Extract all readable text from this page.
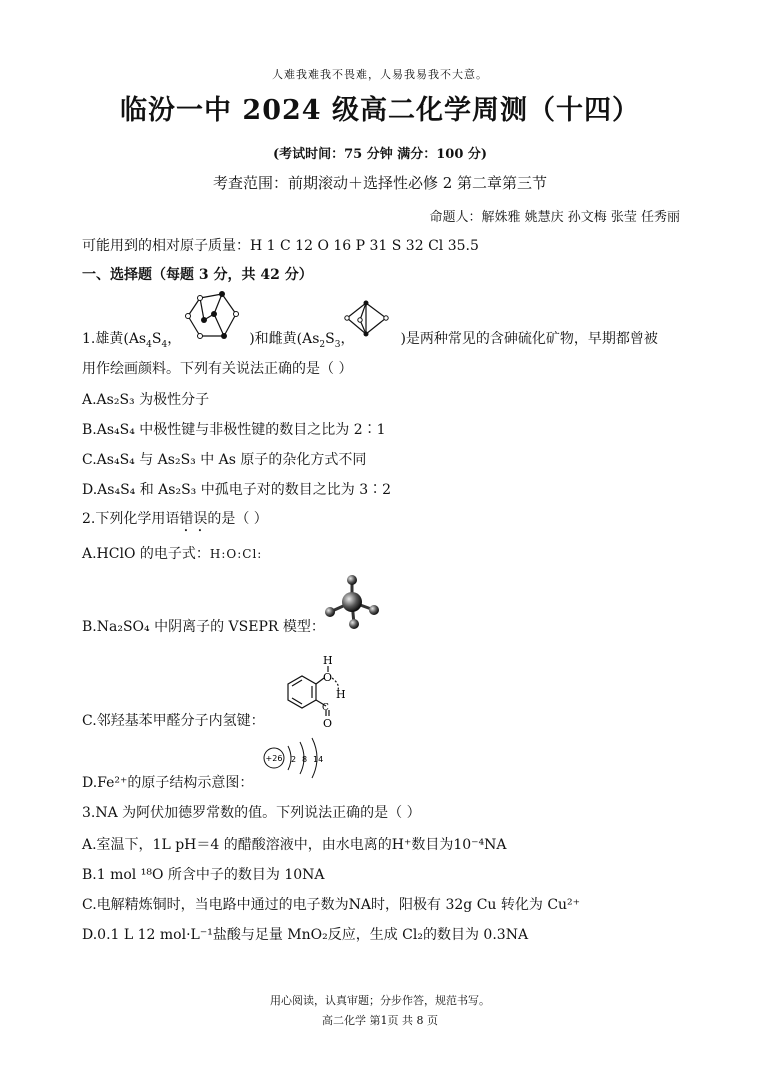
人难我难我不畏难，人易我易我不大意。
临汾一中 2024 级高二化学周测（十四）
(考试时间：75 分钟 满分：100 分)
考查范围：前期滚动＋选择性必修 2 第二章第三节
命题人：解姝雅 姚慧庆 孙文梅 张莹 任秀丽
可能用到的相对原子质量：H 1 C 12 O 16 P 31 S 32 Cl 35.5
一、选择题（每题 3 分，共 42 分）
1.雄黄($As_4S_4$，	)和雌黄($As_2S_3$，	)是两种常见的含砷硫化矿物，早期都曾被
用作绘画颜料。下列有关说法正确的是（ ）
A.As₂S₃ 为极性分子
B.As₄S₄ 中极性键与非极性键的数目之比为 2∶1
C.As₄S₄ 与 As₂S₃ 中 As 原子的杂化方式不同
D.As₄S₄ 和 As₂S₃ 中孤电子对的数目之比为 3∶2
2.下列化学用语错误的是（ ）
A.HClO 的电子式：H:O:Cl:
B.Na₂SO₄ 中阴离子的 VSEPR 模型：
C.邻羟基苯甲醛分子内氢键：
H
O
H
C
O
D.Fe²⁺的原子结构示意图：
+26 2 8 14
3.NA 为阿伏加德罗常数的值。下列说法正确的是（ ）
A.室温下，1L pH＝4 的醋酸溶液中，由水电离的H⁺数目为10⁻⁴NA
B.1 mol ¹⁸O 所含中子的数目为 10NA
C.电解精炼铜时，当电路中通过的电子数为NA时，阳极有 32g Cu 转化为 Cu²⁺
D.0.1 L 12 mol·L⁻¹盐酸与足量 MnO₂反应，生成 Cl₂的数目为 0.3NA
用心阅读，认真审题；分步作答，规范书写。
高二化学 第1页 共 8 页
